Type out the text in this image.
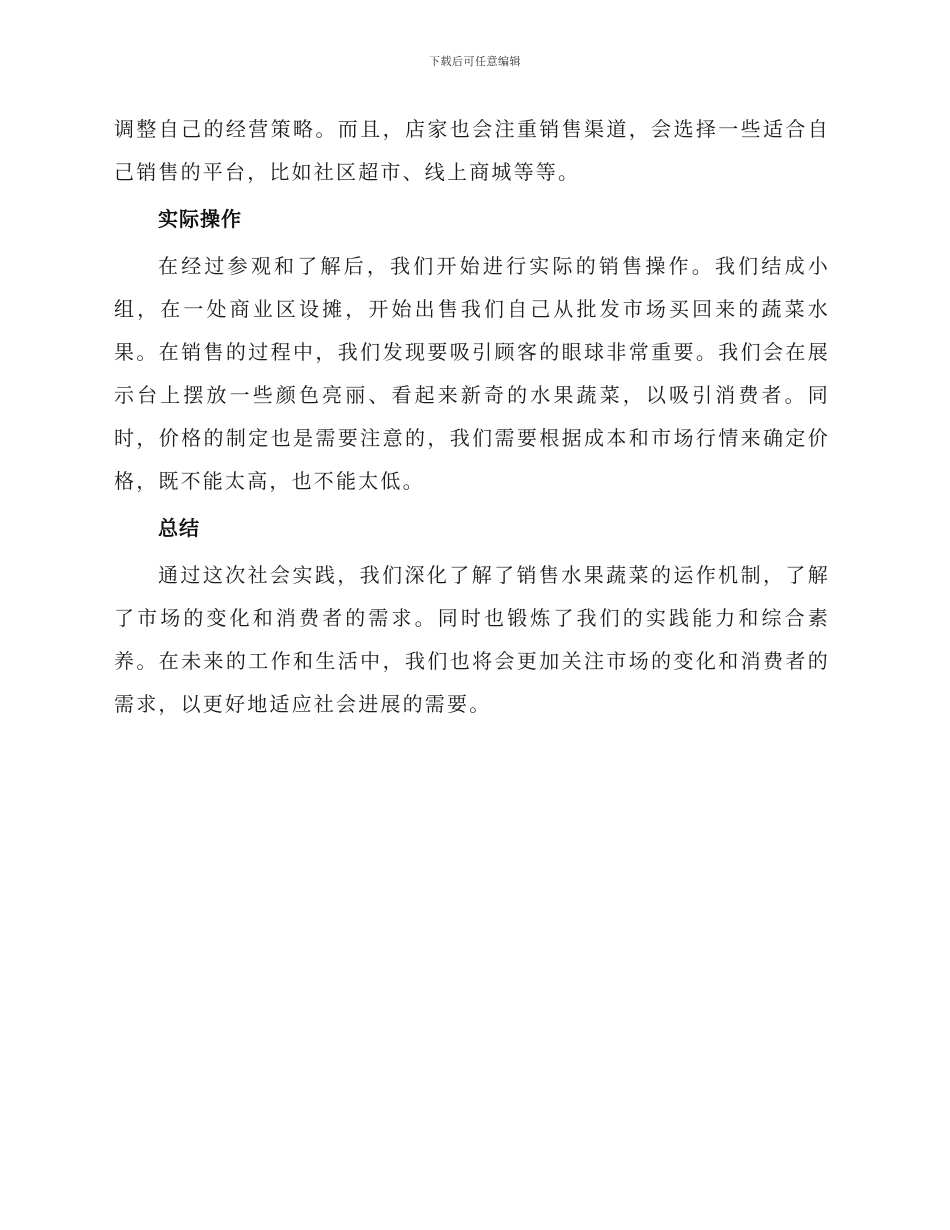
下载后可任意编辑

调整自己的经营策略。而且，店家也会注重销售渠道，会选择一些适合自己销售的平台，比如社区超市、线上商城等等。

实际操作

在经过参观和了解后，我们开始进行实际的销售操作。我们结成小组，在一处商业区设摊，开始出售我们自己从批发市场买回来的蔬菜水果。在销售的过程中，我们发现要吸引顾客的眼球非常重要。我们会在展示台上摆放一些颜色亮丽、看起来新奇的水果蔬菜，以吸引消费者。同时，价格的制定也是需要注意的，我们需要根据成本和市场行情来确定价格，既不能太高，也不能太低。

总结

通过这次社会实践，我们深化了解了销售水果蔬菜的运作机制，了解了市场的变化和消费者的需求。同时也锻炼了我们的实践能力和综合素养。在未来的工作和生活中，我们也将会更加关注市场的变化和消费者的需求，以更好地适应社会进展的需要。
